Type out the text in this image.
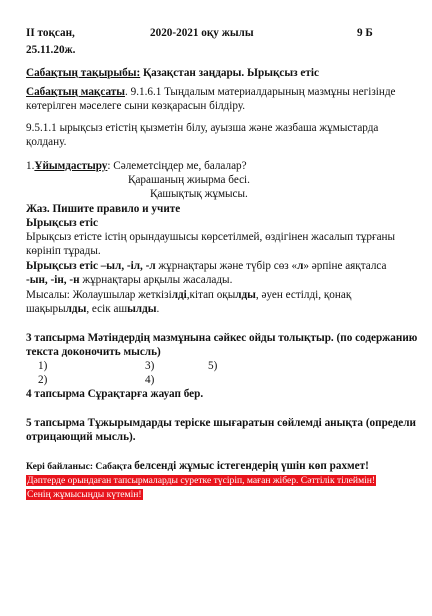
II тоқсан,	2020-2021 оқу жылы	9 Б
25.11.20ж.
Сабақтың тақырыбы: Қазақстан заңдары. Ырықсыз етіс
Сабақтың мақсаты. 9.1.6.1 Тыңдалым материалдарының мазмұны негізінде
көтерілген мәселеге сыни көзқарасын білдіру.
9.5.1.1 ырықсыз етістің қызметін білу, ауызша және жазбаша жұмыстарда
қолдану.
1.Ұйымдастыру: Сәлеметсіңдер ме, балалар?
Қарашаның жиырма бесі.
Қашықтық жұмысы.
Жаз. Пишите прaвило и учите
Ырықсыз етіс
Ырықсыз етісте істің орындаушысы көрсетілмей, өздігінен жасалып тұрғаны
көрініп тұрады.
Ырықсыз етіс –ыл, -іл, -л жұрнақтары және түбір сөз «л» әрпіне аяқталса
-ын, -ін, -н жұрнақтары арқылы жасалады.
Мысалы: Жолаушылар жеткізілді,кітап оқылды, әуен естілді, қонақ
шақырылды, есік ашылды.
3 тапсырма Мәтіндердің мазмұнына сәйкес ойды толықтыр. (по содержанию
текста доконочить мысль)
1)	3)	5)
2)	4)
4 тапсырма Сұрақтарға жауап бер.
5 тапсырма Тұжырымдарды теріске шығаратын сөйлемді анықта (определи
отрицающий мысль).
Кері байланыс: Сабақта белсенді жұмыс істегендерің үшін көп рахмет!
Дәптерде орындаған тапсырмаларды суретке түсіріп, маған жібер. Сәттілік тілеймін!
Сенің жұмысыңды күтемін!
